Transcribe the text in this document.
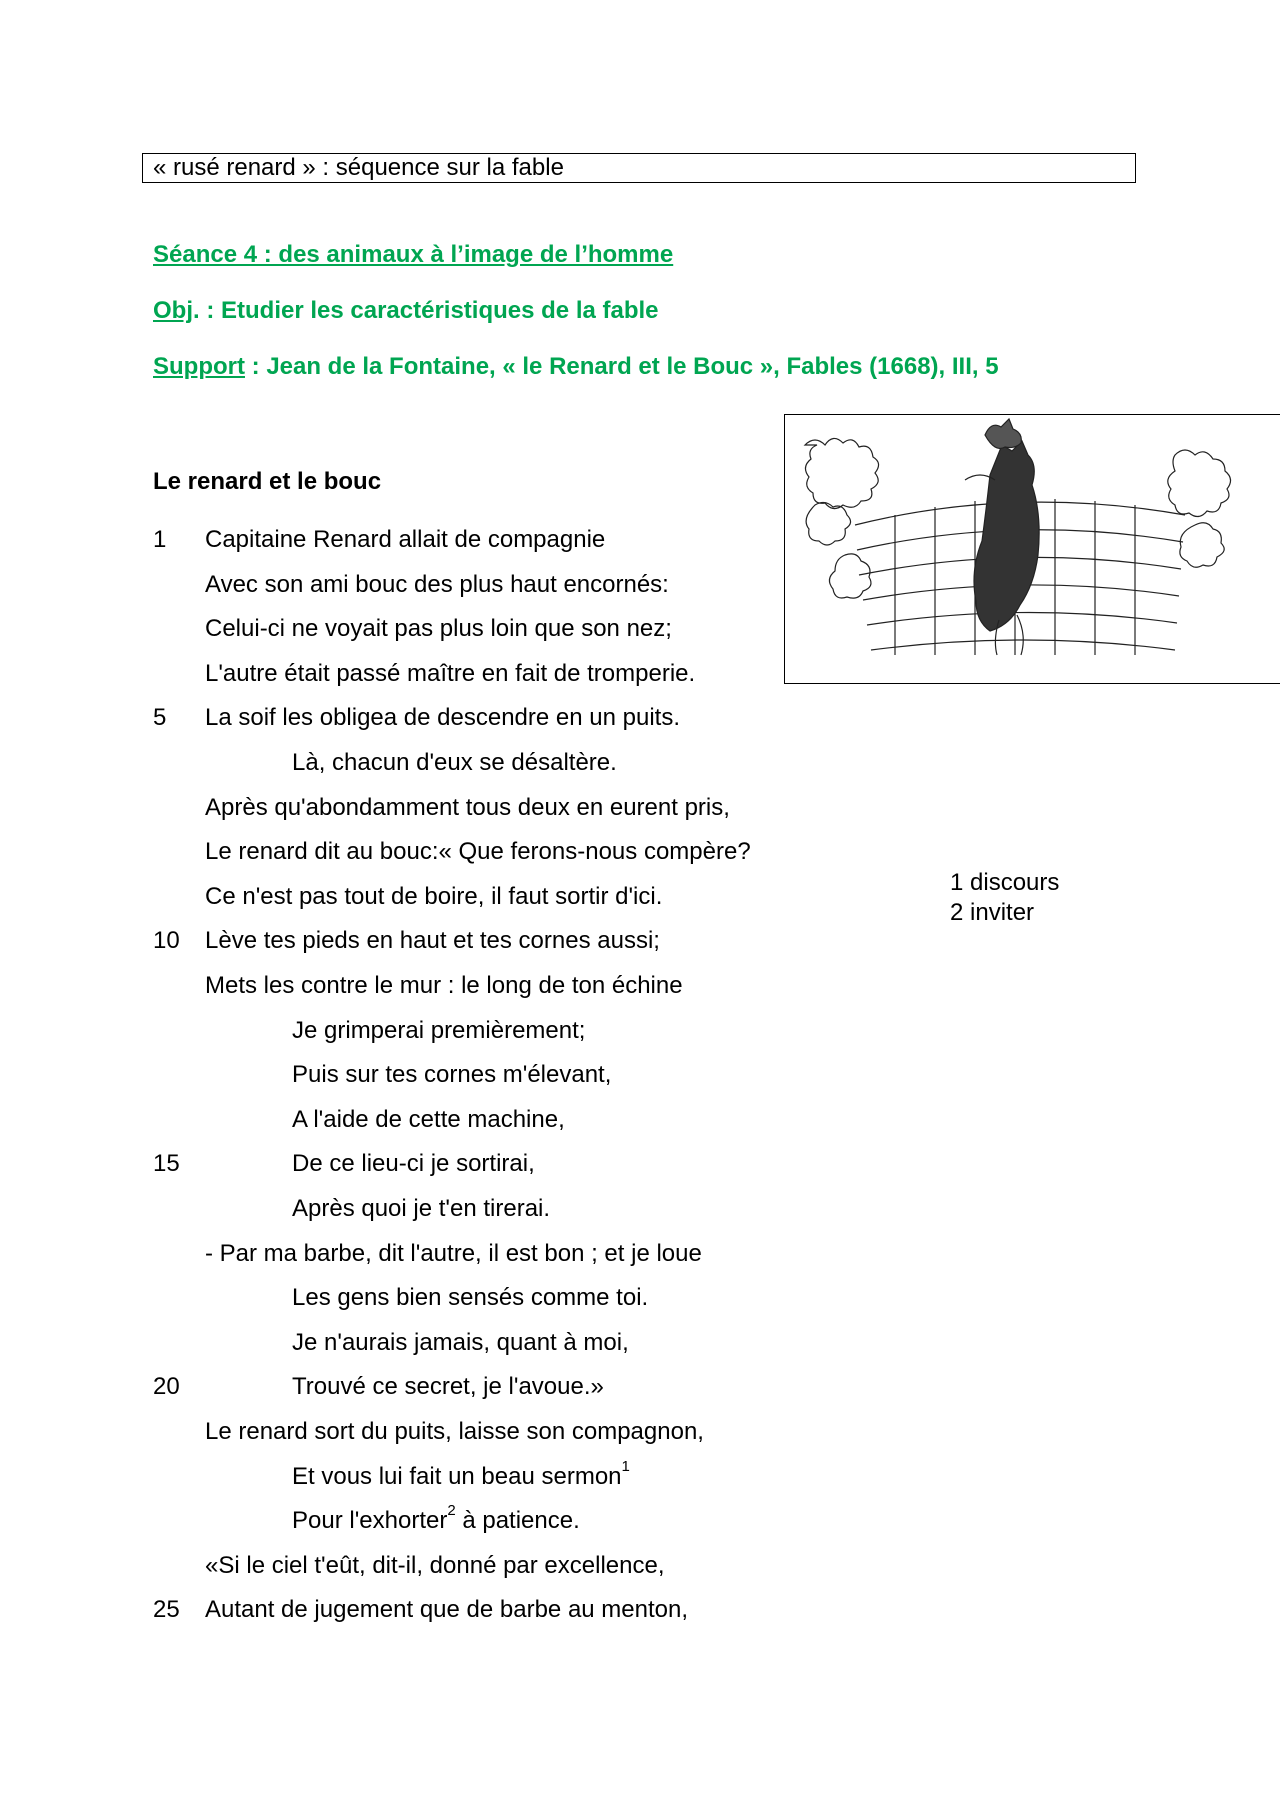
« rusé renard » : séquence sur la fable
Séance 4 : des animaux à l’image de l’homme
Obj. : Etudier les caractéristiques de la fable
Support : Jean de la Fontaine, « le Renard et le Bouc », Fables (1668), III, 5
Le renard et le bouc
1 Capitaine Renard allait de compagnie
Avec son ami bouc des plus haut encornés:
Celui-ci ne voyait pas plus loin que son nez;
L'autre était passé maître en fait de tromperie.
5 La soif les obligea de descendre en un puits.
Là, chacun d'eux se désaltère.
Après qu'abondamment tous deux en eurent pris,
Le renard dit au bouc:« Que ferons-nous compère?
Ce n'est pas tout de boire, il faut sortir d'ici.
10 Lève tes pieds en haut et tes cornes aussi;
Mets les contre le mur : le long de ton échine
Je grimperai premièrement;
Puis sur tes cornes m'élevant,
A l'aide de cette machine,
15	De ce lieu-ci je sortirai,
Après quoi je t'en tirerai.
- Par ma barbe, dit l'autre, il est bon ; et je loue
Les gens bien sensés comme toi.
Je n'aurais jamais, quant à moi,
20	Trouvé ce secret, je l'avoue.»
Le renard sort du puits, laisse son compagnon,
Et vous lui fait un beau sermon$^1$
Pour l'exhorter$^2$ à patience.
«Si le ciel t'eût, dit-il, donné par excellence,
25 Autant de jugement que de barbe au menton,
1 discours
2 inviter
